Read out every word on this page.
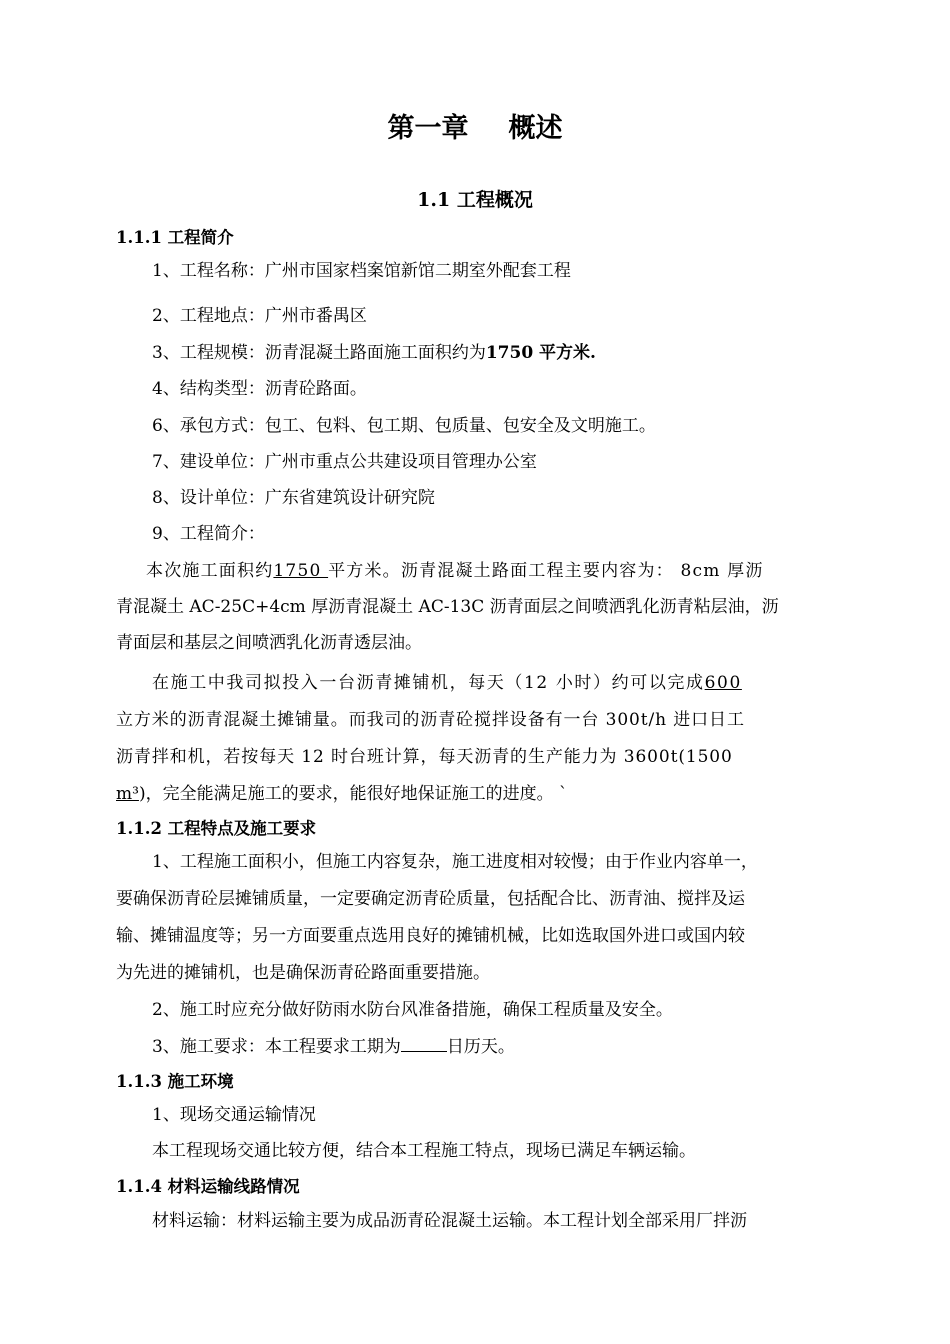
第一章 概述
1.1 工程概况
1.1.1 工程简介
1、工程名称：广州市国家档案馆新馆二期室外配套工程
2、工程地点：广州市番禺区
3、工程规模：沥青混凝土路面施工面积约为1750 平方米.
4、结构类型：沥青砼路面。
6、承包方式：包工、包料、包工期、包质量、包安全及文明施工。
7、建设单位：广州市重点公共建设项目管理办公室
8、设计单位：广东省建筑设计研究院
9、工程简介：
本次施工面积约1750 平方米。沥青混凝土路面工程主要内容为： 8cm 厚沥
青混凝土 AC-25C+4cm 厚沥青混凝土 AC-13C 沥青面层之间喷洒乳化沥青粘层油，沥
青面层和基层之间喷洒乳化沥青透层油。
在施工中我司拟投入一台沥青摊铺机，每天（12 小时）约可以完成600
立方米的沥青混凝土摊铺量。而我司的沥青砼搅拌设备有一台 300t/h 进口日工
沥青拌和机，若按每天 12 时台班计算，每天沥青的生产能力为 3600t(1500
m³)，完全能满足施工的要求，能很好地保证施工的进度。 `
1.1.2 工程特点及施工要求
1、工程施工面积小，但施工内容复杂，施工进度相对较慢；由于作业内容单一，
要确保沥青砼层摊铺质量，一定要确定沥青砼质量，包括配合比、沥青油、搅拌及运
输、摊铺温度等；另一方面要重点选用良好的摊铺机械，比如选取国外进口或国内较
为先进的摊铺机，也是确保沥青砼路面重要措施。
2、施工时应充分做好防雨水防台风准备措施，确保工程质量及安全。
3、施工要求：本工程要求工期为	日历天。
1.1.3 施工环境
1、现场交通运输情况
本工程现场交通比较方便，结合本工程施工特点，现场已满足车辆运输。
1.1.4 材料运输线路情况
材料运输：材料运输主要为成品沥青砼混凝土运输。本工程计划全部采用厂拌沥
